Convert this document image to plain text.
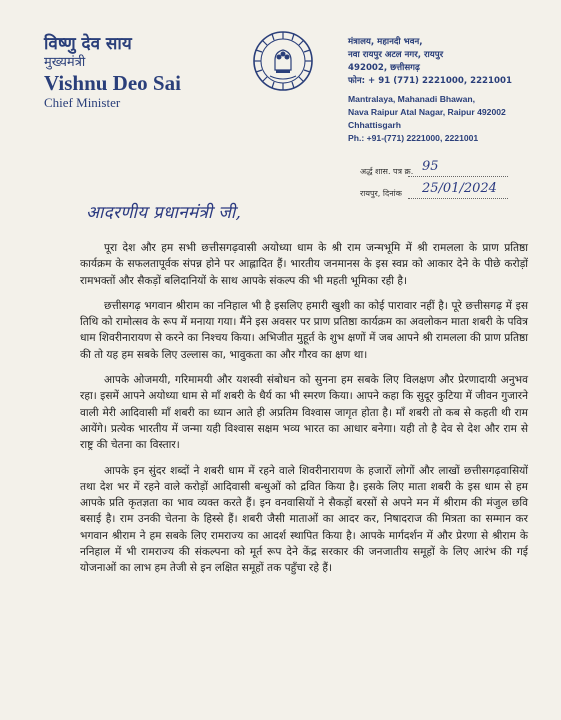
विष्णु देव साय
मुख्यमंत्री
Vishnu Deo Sai
Chief Minister
मंत्रालय, महानदी भवन,
नवा रायपुर अटल नगर, रायपुर
492002, छत्तीसगढ़
फोन: + 91 (771) 2221000, 2221001
Mantralaya, Mahanadi Bhawan,
Nava Raipur Atal Nagar, Raipur 492002
Chhattisgarh
Ph.: +91-(771) 2221000, 2221001
अर्द्ध शास. पत्र क्र. 95
रायपुर, दिनांक 25/01/2024
आदरणीय प्रधानमंत्री जी,

पूरा देश और हम सभी छत्तीसगढ़वासी अयोध्या धाम के श्री राम जन्मभूमि में श्री रामलला के प्राण प्रतिष्ठा कार्यक्रम के सफलतापूर्वक संपन्न होने पर आह्लादित हैं। भारतीय जनमानस के इस स्वप्न को आकार देने के पीछे करोड़ों रामभक्तों और सैकड़ों बलिदानियों के साथ आपके संकल्प की भी महती भूमिका रही है।

छत्तीसगढ़ भगवान श्रीराम का ननिहाल भी है इसलिए हमारी खुशी का कोई पारावार नहीं है। पूरे छत्तीसगढ़ में इस तिथि को रामोत्सव के रूप में मनाया गया। मैंने इस अवसर पर प्राण प्रतिष्ठा कार्यक्रम का अवलोकन माता शबरी के पवित्र धाम शिवरीनारायण से करने का निश्चय किया। अभिजीत मुहूर्त के शुभ क्षणों में जब आपने श्री रामलला की प्राण प्रतिष्ठा की तो यह हम सबके लिए उल्लास का, भावुकता का और गौरव का क्षण था।

आपके ओजमयी, गरिमामयी और यशस्वी संबोधन को सुनना हम सबके लिए विलक्षण और प्रेरणादायी अनुभव रहा। इसमें आपने अयोध्या धाम से माँ शबरी के धैर्य का भी स्मरण किया। आपने कहा कि सुदूर कुटिया में जीवन गुजारने वाली मेरी आदिवासी माँ शबरी का ध्यान आते ही अप्रतिम विश्वास जागृत होता है। माँ शबरी तो कब से कहती थी राम आयेंगे। प्रत्येक भारतीय में जन्मा यही विश्वास सक्षम भव्य भारत का आधार बनेगा। यही तो है देव से देश और राम से राष्ट्र की चेतना का विस्तार।

आपके इन सुंदर शब्दों ने शबरी धाम में रहने वाले शिवरीनारायण के हजारों लोगों और लाखों छत्तीसगढ़वासियों तथा देश भर में रहने वाले करोड़ों आदिवासी बन्धुओं को द्रवित किया है। इसके लिए माता शबरी के इस धाम से हम आपके प्रति कृतज्ञता का भाव व्यक्त करते हैं। इन वनवासियों ने सैकड़ों बरसों से अपने मन में श्रीराम की मंजुल छवि बसाई है। राम उनकी चेतना के हिस्से हैं। शबरी जैसी माताओं का आदर कर, निषादराज की मित्रता का सम्मान कर भगवान श्रीराम ने हम सबके लिए रामराज्य का आदर्श स्थापित किया है। आपके मार्गदर्शन में और प्रेरणा से श्रीराम के ननिहाल में भी रामराज्य की संकल्पना को मूर्त रूप देने केंद्र सरकार की जनजातीय समूहों के लिए आरंभ की गई योजनाओं का लाभ हम तेजी से इन लक्षित समूहों तक पहुँचा रहे हैं।
